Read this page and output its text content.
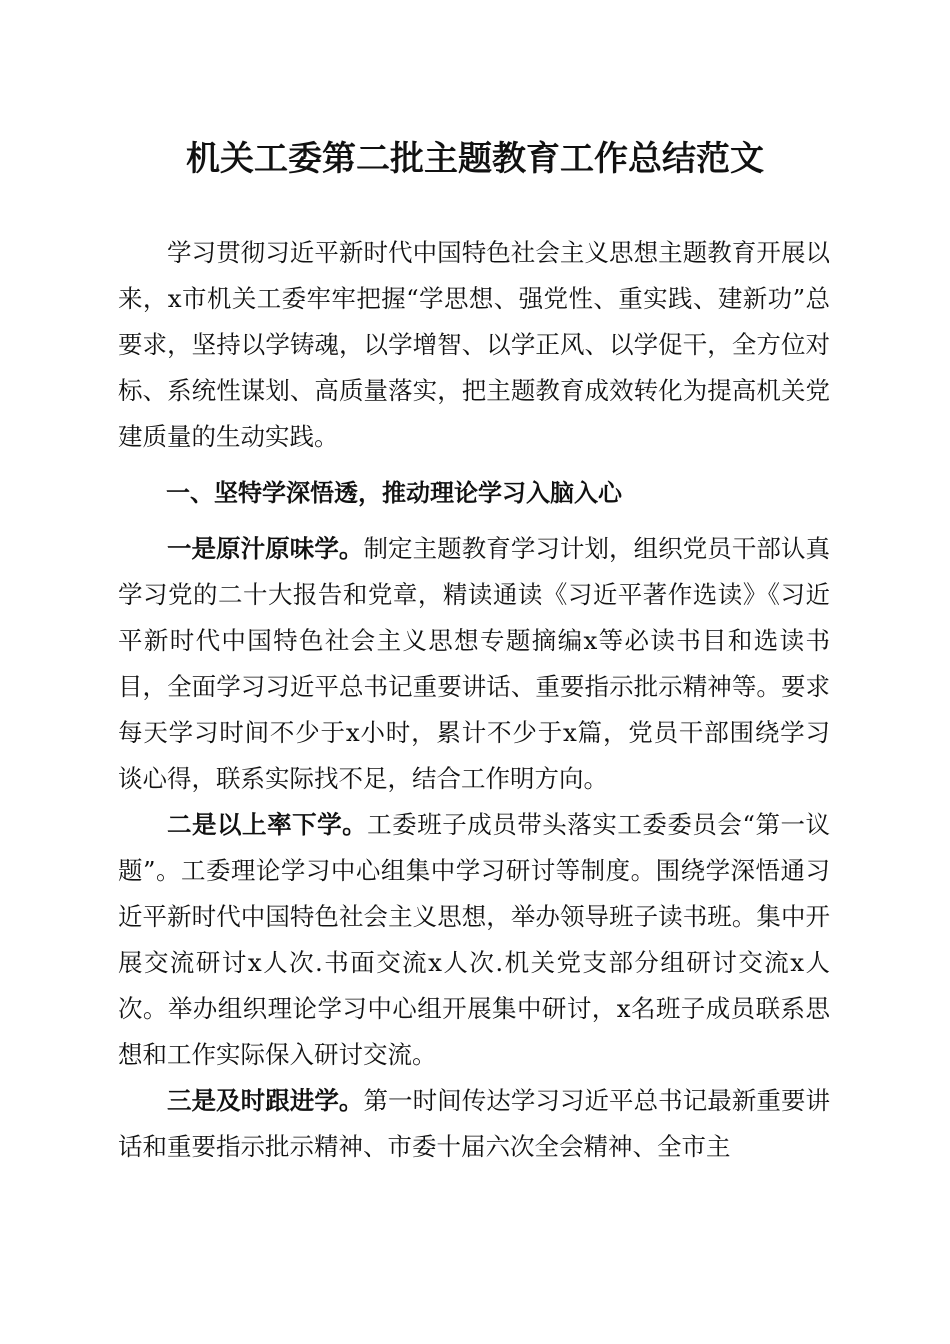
机关工委第二批主题教育工作总结范文

学习贯彻习近平新时代中国特色社会主义思想主题教育开展以来，x市机关工委牢牢把握“学思想、强党性、重实践、建新功”总要求，坚持以学铸魂，以学增智、以学正风、以学促干，全方位对标、系统性谋划、高质量落实，把主题教育成效转化为提高机关党建质量的生动实践。

一、坚特学深悟透，推动理论学习入脑入心

一是原汁原味学。制定主题教育学习计划，组织党员干部认真学习党的二十大报告和党章，精读通读《习近平著作选读》《习近平新时代中国特色社会主义思想专题摘编x等必读书目和选读书目，全面学习习近平总书记重要讲话、重要指示批示精神等。要求每天学习时间不少于x小时，累计不少于x篇，党员干部围绕学习谈心得，联系实际找不足，结合工作明方向。

二是以上率下学。工委班子成员带头落实工委委员会“第一议题”。工委理论学习中心组集中学习研讨等制度。围绕学深悟通习近平新时代中国特色社会主义思想，举办领导班子读书班。集中开展交流研讨x人次.书面交流x人次.机关党支部分组研讨交流x人次。举办组织理论学习中心组开展集中研讨，x名班子成员联系思想和工作实际保入研讨交流。

三是及时跟进学。第一时间传达学习习近平总书记最新重要讲话和重要指示批示精神、市委十届六次全会精神、全市主
